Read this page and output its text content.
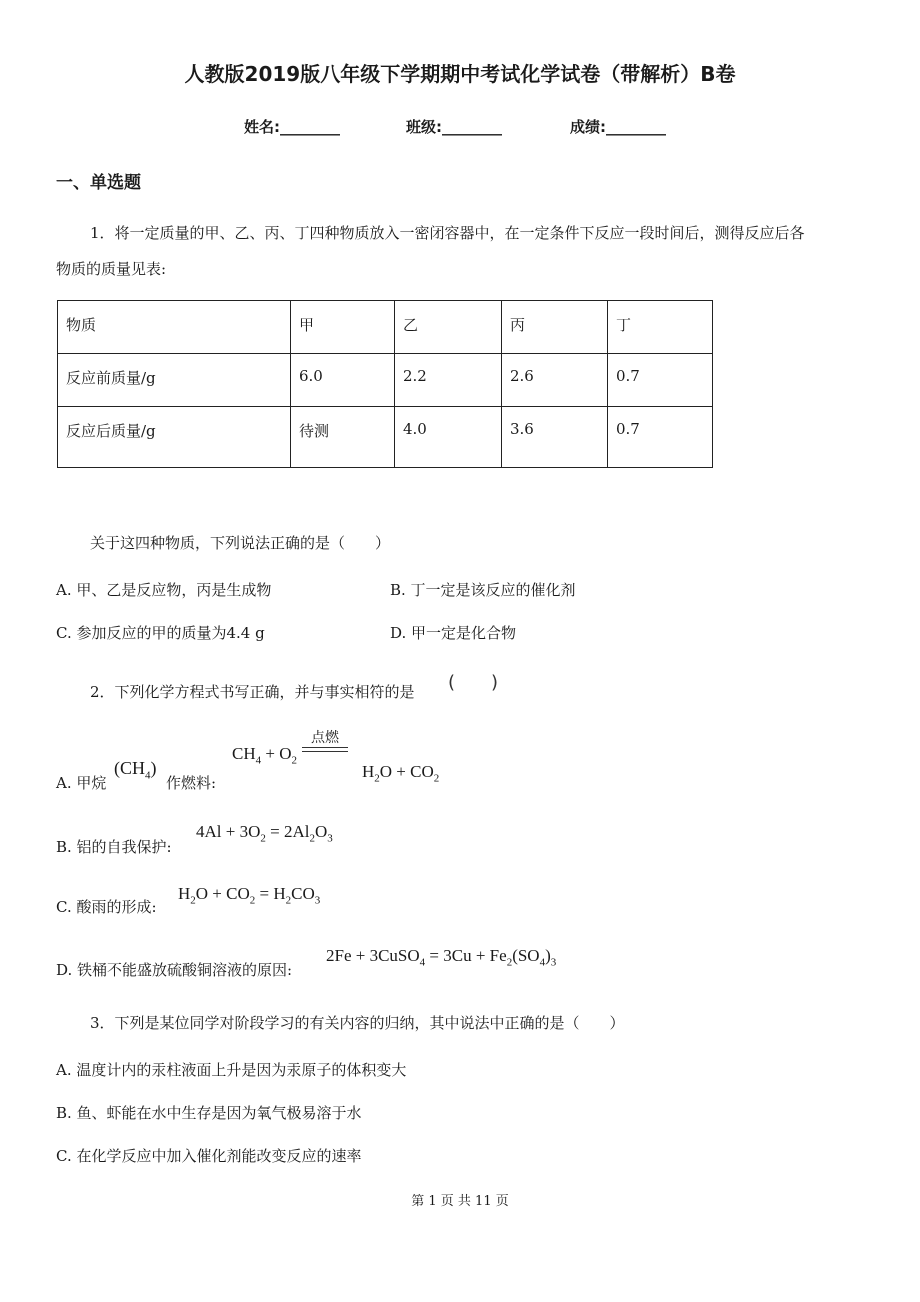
人教版2019版八年级下学期期中考试化学试卷（带解析）B卷
姓名:________	班级:________	成绩:________
一、单选题
1．将一定质量的甲、乙、丙、丁四种物质放入一密闭容器中，在一定条件下反应一段时间后，测得反应后各
物质的质量见表:
物质	甲	乙	丙	丁
反应前质量/g	6.0	2.2	2.6	0.7
反应后质量/g	待测	4.0	3.6	0.7
关于这四种物质，下列说法正确的是（　　）
A. 甲、乙是反应物，丙是生成物	B. 丁一定是该反应的催化剂
C. 参加反应的甲的质量为4.4 g	D. 甲一定是化合物
2．下列化学方程式书写正确，并与事实相符的是 (　　)
A. 甲烷
$(CH_4)$
作燃料:
$CH_4 + O_2$
点燃
$H_2O + CO_2$
B. 铝的自我保护:
$4Al + 3O_2 = 2Al_2O_3$
C. 酸雨的形成:
$H_2O + CO_2 = H_2CO_3$
D. 铁桶不能盛放硫酸铜溶液的原因:
2Fe + 3CuSO$_4$ = $3Cu + Fe_2(SO_4)_3$
3．下列是某位同学对阶段学习的有关内容的归纳，其中说法中正确的是（　　）
A. 温度计内的汞柱液面上升是因为汞原子的体积变大
B. 鱼、虾能在水中生存是因为氧气极易溶于水
C. 在化学反应中加入催化剂能改变反应的速率
第 1 页 共 11 页
